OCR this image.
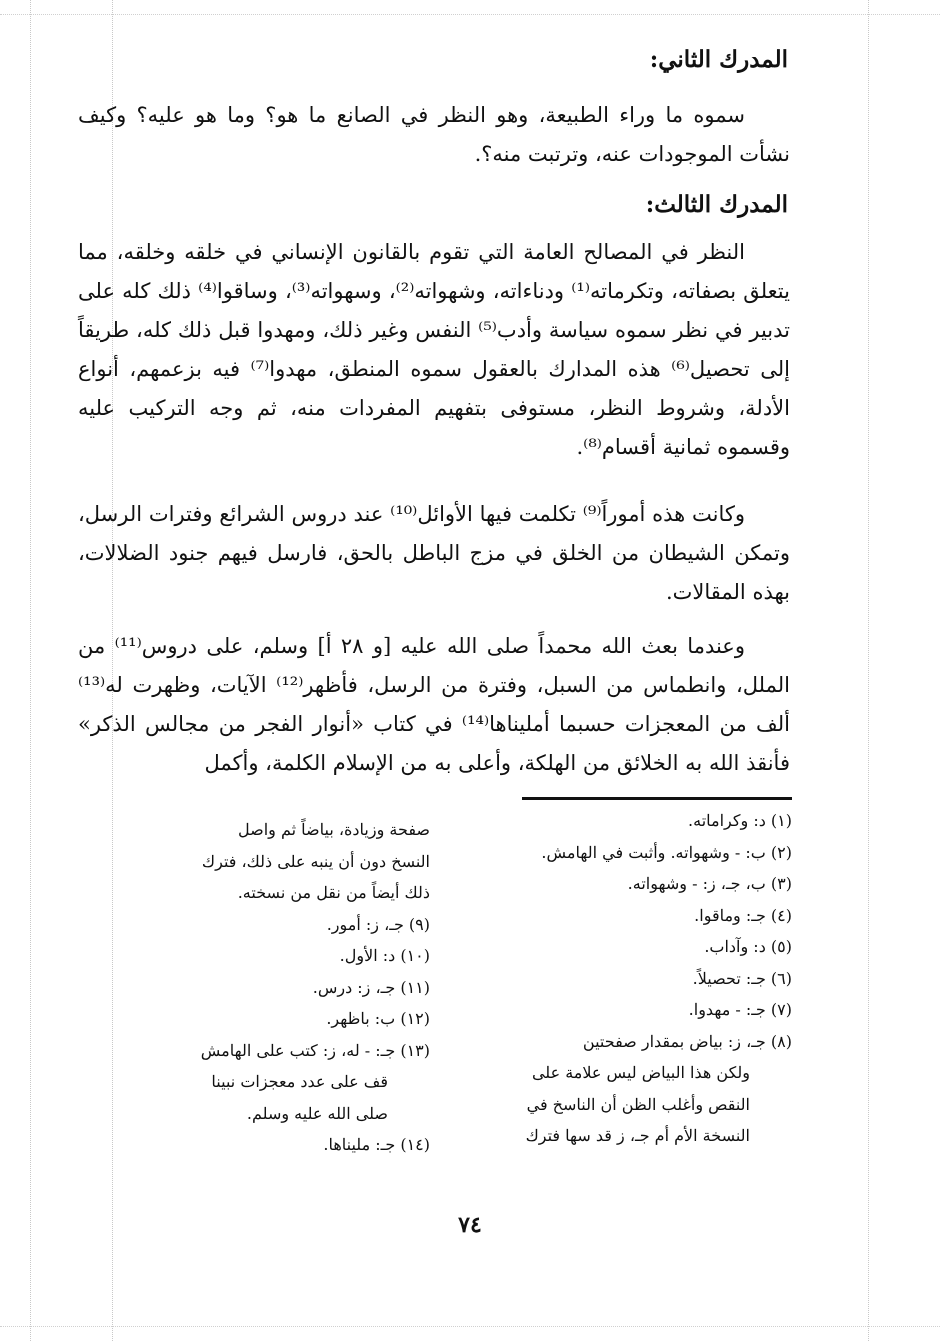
المدرك الثاني:

سموه ما وراء الطبيعة، وهو النظر في الصانع ما هو؟ وما هو عليه؟ وكيف نشأت الموجودات عنه، وترتبت منه؟.

المدرك الثالث:

النظر في المصالح العامة التي تقوم بالقانون الإنساني في خلقه وخلقه، مما يتعلق بصفاته، وتكرماته⁽¹⁾ ودناءاته، وشهواته⁽²⁾، وسهواته⁽³⁾، وساقوا⁽⁴⁾ ذلك كله على تدبير في نظر سموه سياسة وأدب⁽⁵⁾ النفس وغير ذلك، ومهدوا قبل ذلك كله، طريقاً إلى تحصيل⁽⁶⁾ هذه المدارك بالعقول سموه المنطق، مهدوا⁽⁷⁾ فيه بزعمهم، أنواع الأدلة، وشروط النظر، مستوفى بتفهيم المفردات منه، ثم وجه التركيب عليه وقسموه ثمانية أقسام⁽⁸⁾.

وكانت هذه أموراً⁽⁹⁾ تكلمت فيها الأوائل⁽¹⁰⁾ عند دروس الشرائع وفترات الرسل، وتمكن الشيطان من الخلق في مزج الباطل بالحق، فارسل فيهم جنود الضلالات، بهذه المقالات.

وعندما بعث الله محمداً صلى الله عليه [و ٢٨ أ] وسلم، على دروس⁽¹¹⁾ من الملل، وانطماس من السبل، وفترة من الرسل، فأظهر⁽¹²⁾ الآيات، وظهرت له⁽¹³⁾ ألف من المعجزات حسبما أمليناها⁽¹⁴⁾ في كتاب «أنوار الفجر من مجالس الذكر» فأنقذ الله به الخلائق من الهلكة، وأعلى به من الإسلام الكلمة، وأكمل

(١) د: وكراماته.
(٢) ب: - وشهواته. وأثبت في الهامش.
(٣) ب، جـ، ز: - وشهواته.
(٤) جـ: وماقوا.
(٥) د: وآداب.
(٦) جـ: تحصيلاً.
(٧) جـ: - مهدوا.
(٨) جـ، ز: بياض بمقدار صفحتين
ولكن هذا البياض ليس علامة على
النقص وأغلب الظن أن الناسخ في
النسخة الأم أم جـ، ز قد سها فترك
صفحة وزيادة، بياضاً ثم واصل
النسخ دون أن ينبه على ذلك، فترك
ذلك أيضاً من نقل من نسخته.
(٩) جـ، ز: أمور.
(١٠) د: الأول.
(١١) جـ، ز: درس.
(١٢) ب: باظهر.
(١٣) جـ: - له، ز: كتب على الهامش
قف على عدد معجزات نبينا
صلى الله عليه وسلم.
(١٤) جـ: مليناها.
٧٤
